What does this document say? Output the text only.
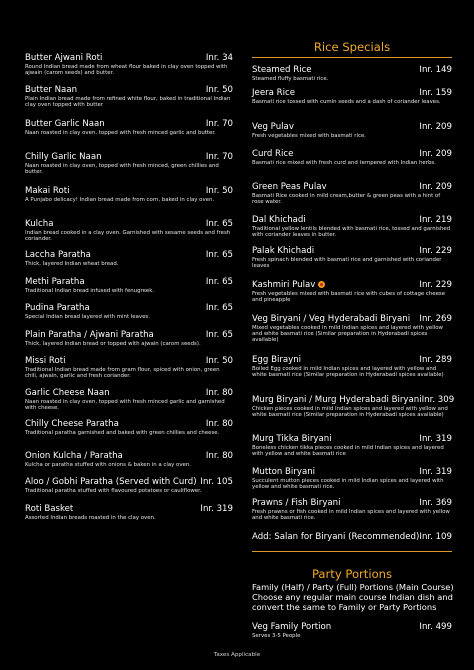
Butter Ajwani Roti	Inr. 34
Round Indian bread made from wheat flour baked in clay oven topped with ajwain (carom seeds) and butter.
Butter Naan	Inr. 50
Plain Indian bread made from refined white flour, baked in traditional Indian clay oven topped with butter
Butter Garlic Naan	Inr. 70
Naan roasted in clay oven, topped with fresh minced garlic and butter.
Chilly Garlic Naan	Inr. 70
Naan roasted in clay oven, topped with fresh minced, green chillies and butter.
Makai Roti	Inr. 50
A Punjabo delicacy! Indian bread made from corn, baked in clay oven.
Kulcha	Inr. 65
Indian bread cooked in a clay oven. Garnished with sesame seeds and fresh coriander.
Laccha Paratha	Inr. 65
Thick, layered Indian wheat bread.
Methi Paratha	Inr. 65
Traditional Indian bread infused with fenugreek.
Pudina Paratha	Inr. 65
Special Indian bread layered with mint leaves.
Plain Paratha / Ajwani Paratha	Inr. 65
Thick, layered Indian bread or topped with ajwain (carom seeds).
Missi Roti	Inr. 50
Traditional Indian bread made from gram flour, spiced with onion, green chili, ajwain, garlic and fresh coriander.
Garlic Cheese Naan	Inr. 80
Naan roasted in clay oven, topped with fresh minced garlic and garnished with cheese.
Chilly Cheese Paratha	Inr. 80
Traditional paratha garnished and baked with green chillies and cheese.
Onion Kulcha / Paratha	Inr. 80
Kulcha or paratha stuffed with onions & baken in a clay oven.
Aloo / Gobhi Paratha (Served with Curd) Inr. 105
Traditional paratha stuffed with flavoured potatoes or cauliflower.
Roti Basket	Inr. 319
Assorted Indian breads roasted in the clay oven.
Rice Specials
Steamed Rice	Inr. 149
Steamed fluffy basmati rice.
Jeera Rice	Inr. 159
Basmati rice tossed with cumin seeds and a dash of coriander leaves.
Veg Pulav	Inr. 209
Fresh vegetables mixed with basmati rice.
Curd Rice	Inr. 209
Basmati rice mixed with fresh curd and tempered with Indian herbs.
Green Peas Pulav	Inr. 209
Basmati Rice cooked in mild cream,butter & green peas with a hint of rose water.
Dal Khichadi	Inr. 219
Traditional yellow lentils blended with basmati rice, tossed and garnished with coriander leaves in butter.
Palak Khichadi	Inr. 229
Fresh spinach blended with basmati rice and garnished with coriander leaves
Kashmiri Pulav	Inr. 229
Fresh vegetables mixed with basmati rice with cubes of cottage cheese and pineapple
Veg Biryani / Veg Hyderabadi Biryani Inr. 269
Mixed vegetables cooked in mild Indian spices and layered with yellow and white basmati rice (Similar preparation in Hyderabadi spices available)
Egg Birayni	Inr. 289
Boiled Egg cooked in mild Indian spices and layered with yellow and white basmati rice (Similar preparation in Hyderabadi spices available)
Murg Biryani / Murg Hyderabadi Biryani Inr. 309
Chicken pieces cooked in mild Indian spices and layered with yellow and white basmati rice (Similar preparation in Hyderabadi spices available)
Murg Tikka Biryani	Inr. 319
Boneless chicken tikka pieces cooked in mild Indian spices and layered with yellow and white basmati rice
Mutton Biryani	Inr. 319
Succulent mutton pieces cooked in mild Indian spices and layered with yellow and white basmati rice.
Prawns / Fish Biryani	Inr. 369
Fresh prawns or fish cooked in mild Indian spices and layered with yellow and white basmati rice.
Add: Salan for Biryani (Recommended) Inr. 109
Party Portions
Family (Half) / Party (Full) Portions (Main Course) Choose any regular main course Indian dish and convert the same to Family or Party Portions
Veg Family Portion	Inr. 499
Serves 3-5 People
Taxes Applicable
